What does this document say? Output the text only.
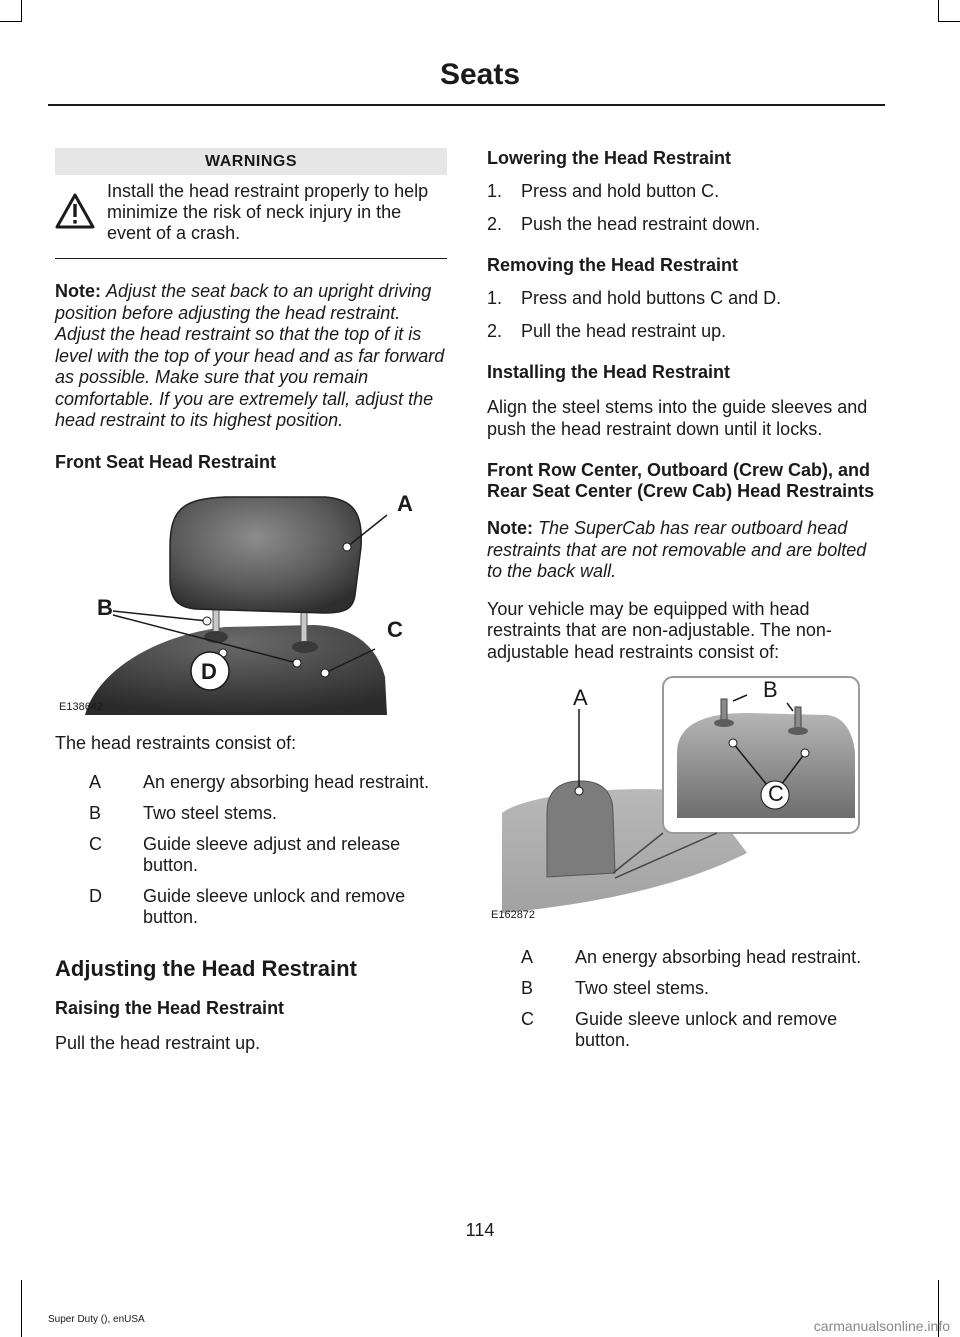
Seats
WARNINGS
Install the head restraint properly to help minimize the risk of neck injury in the event of a crash.

Note: Adjust the seat back to an upright driving position before adjusting the head restraint. Adjust the head restraint so that the top of it is level with the top of your head and as far forward as possible. Make sure that you remain comfortable. If you are extremely tall, adjust the head restraint to its highest position.

Front Seat Head Restraint
A
B
C
D
E138642

The head restraints consist of:

A	An energy absorbing head restraint.
B	Two steel stems.
C	Guide sleeve adjust and release button.
D	Guide sleeve unlock and remove button.
Adjusting the Head Restraint
Raising the Head Restraint

Pull the head restraint up.

Lowering the Head Restraint
1.	Press and hold button C.
2.	Push the head restraint down.
Removing the Head Restraint
1.	Press and hold buttons C and D.
2.	Pull the head restraint up.
Installing the Head Restraint

Align the steel stems into the guide sleeves and push the head restraint down until it locks.

Front Row Center, Outboard (Crew Cab), and Rear Seat Center (Crew Cab) Head Restraints

Note: The SuperCab has rear outboard head restraints that are not removable and are bolted to the back wall.

Your vehicle may be equipped with head restraints that are non-adjustable. The non-adjustable head restraints consist of:

A	B
C
E162872
A	An energy absorbing head restraint.
B	Two steel stems.
C	Guide sleeve unlock and remove button.
114
Super Duty (), enUSA	carmanualsonline.info
